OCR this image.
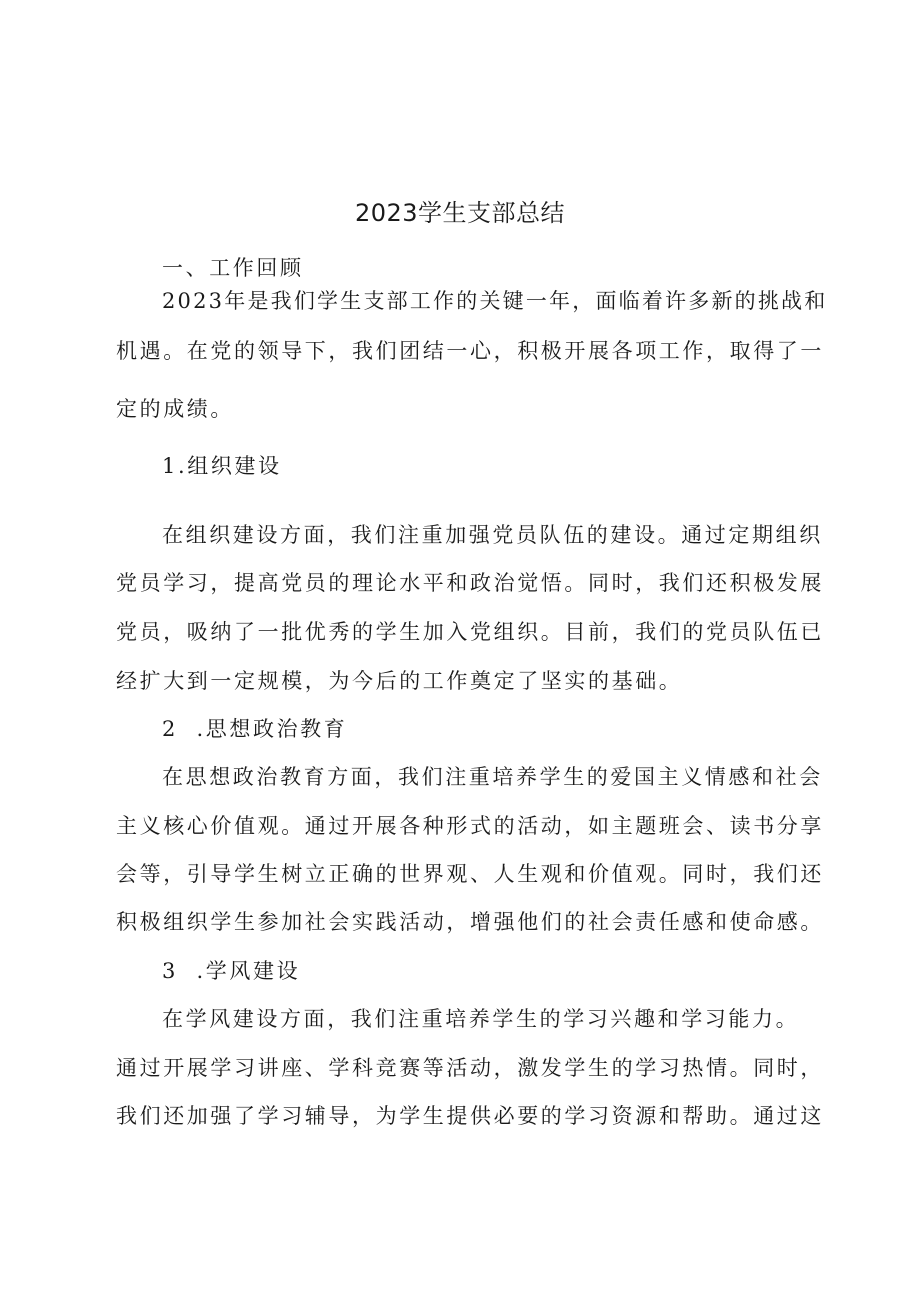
2023学生支部总结

一、工作回顾

2023年是我们学生支部工作的关键一年，面临着许多新的挑战和

机遇。在党的领导下，我们团结一心，积极开展各项工作，取得了一

定的成绩。

1.组织建设

在组织建设方面，我们注重加强党员队伍的建设。通过定期组织

党员学习，提高党员的理论水平和政治觉悟。同时，我们还积极发展

党员，吸纳了一批优秀的学生加入党组织。目前，我们的党员队伍已

经扩大到一定规模，为今后的工作奠定了坚实的基础。

2  .思想政治教育

在思想政治教育方面，我们注重培养学生的爱国主义情感和社会

主义核心价值观。通过开展各种形式的活动，如主题班会、读书分享

会等，引导学生树立正确的世界观、人生观和价值观。同时，我们还

积极组织学生参加社会实践活动，增强他们的社会责任感和使命感。

3  .学风建设

在学风建设方面，我们注重培养学生的学习兴趣和学习能力。

通过开展学习讲座、学科竞赛等活动，激发学生的学习热情。同时，

我们还加强了学习辅导，为学生提供必要的学习资源和帮助。通过这
